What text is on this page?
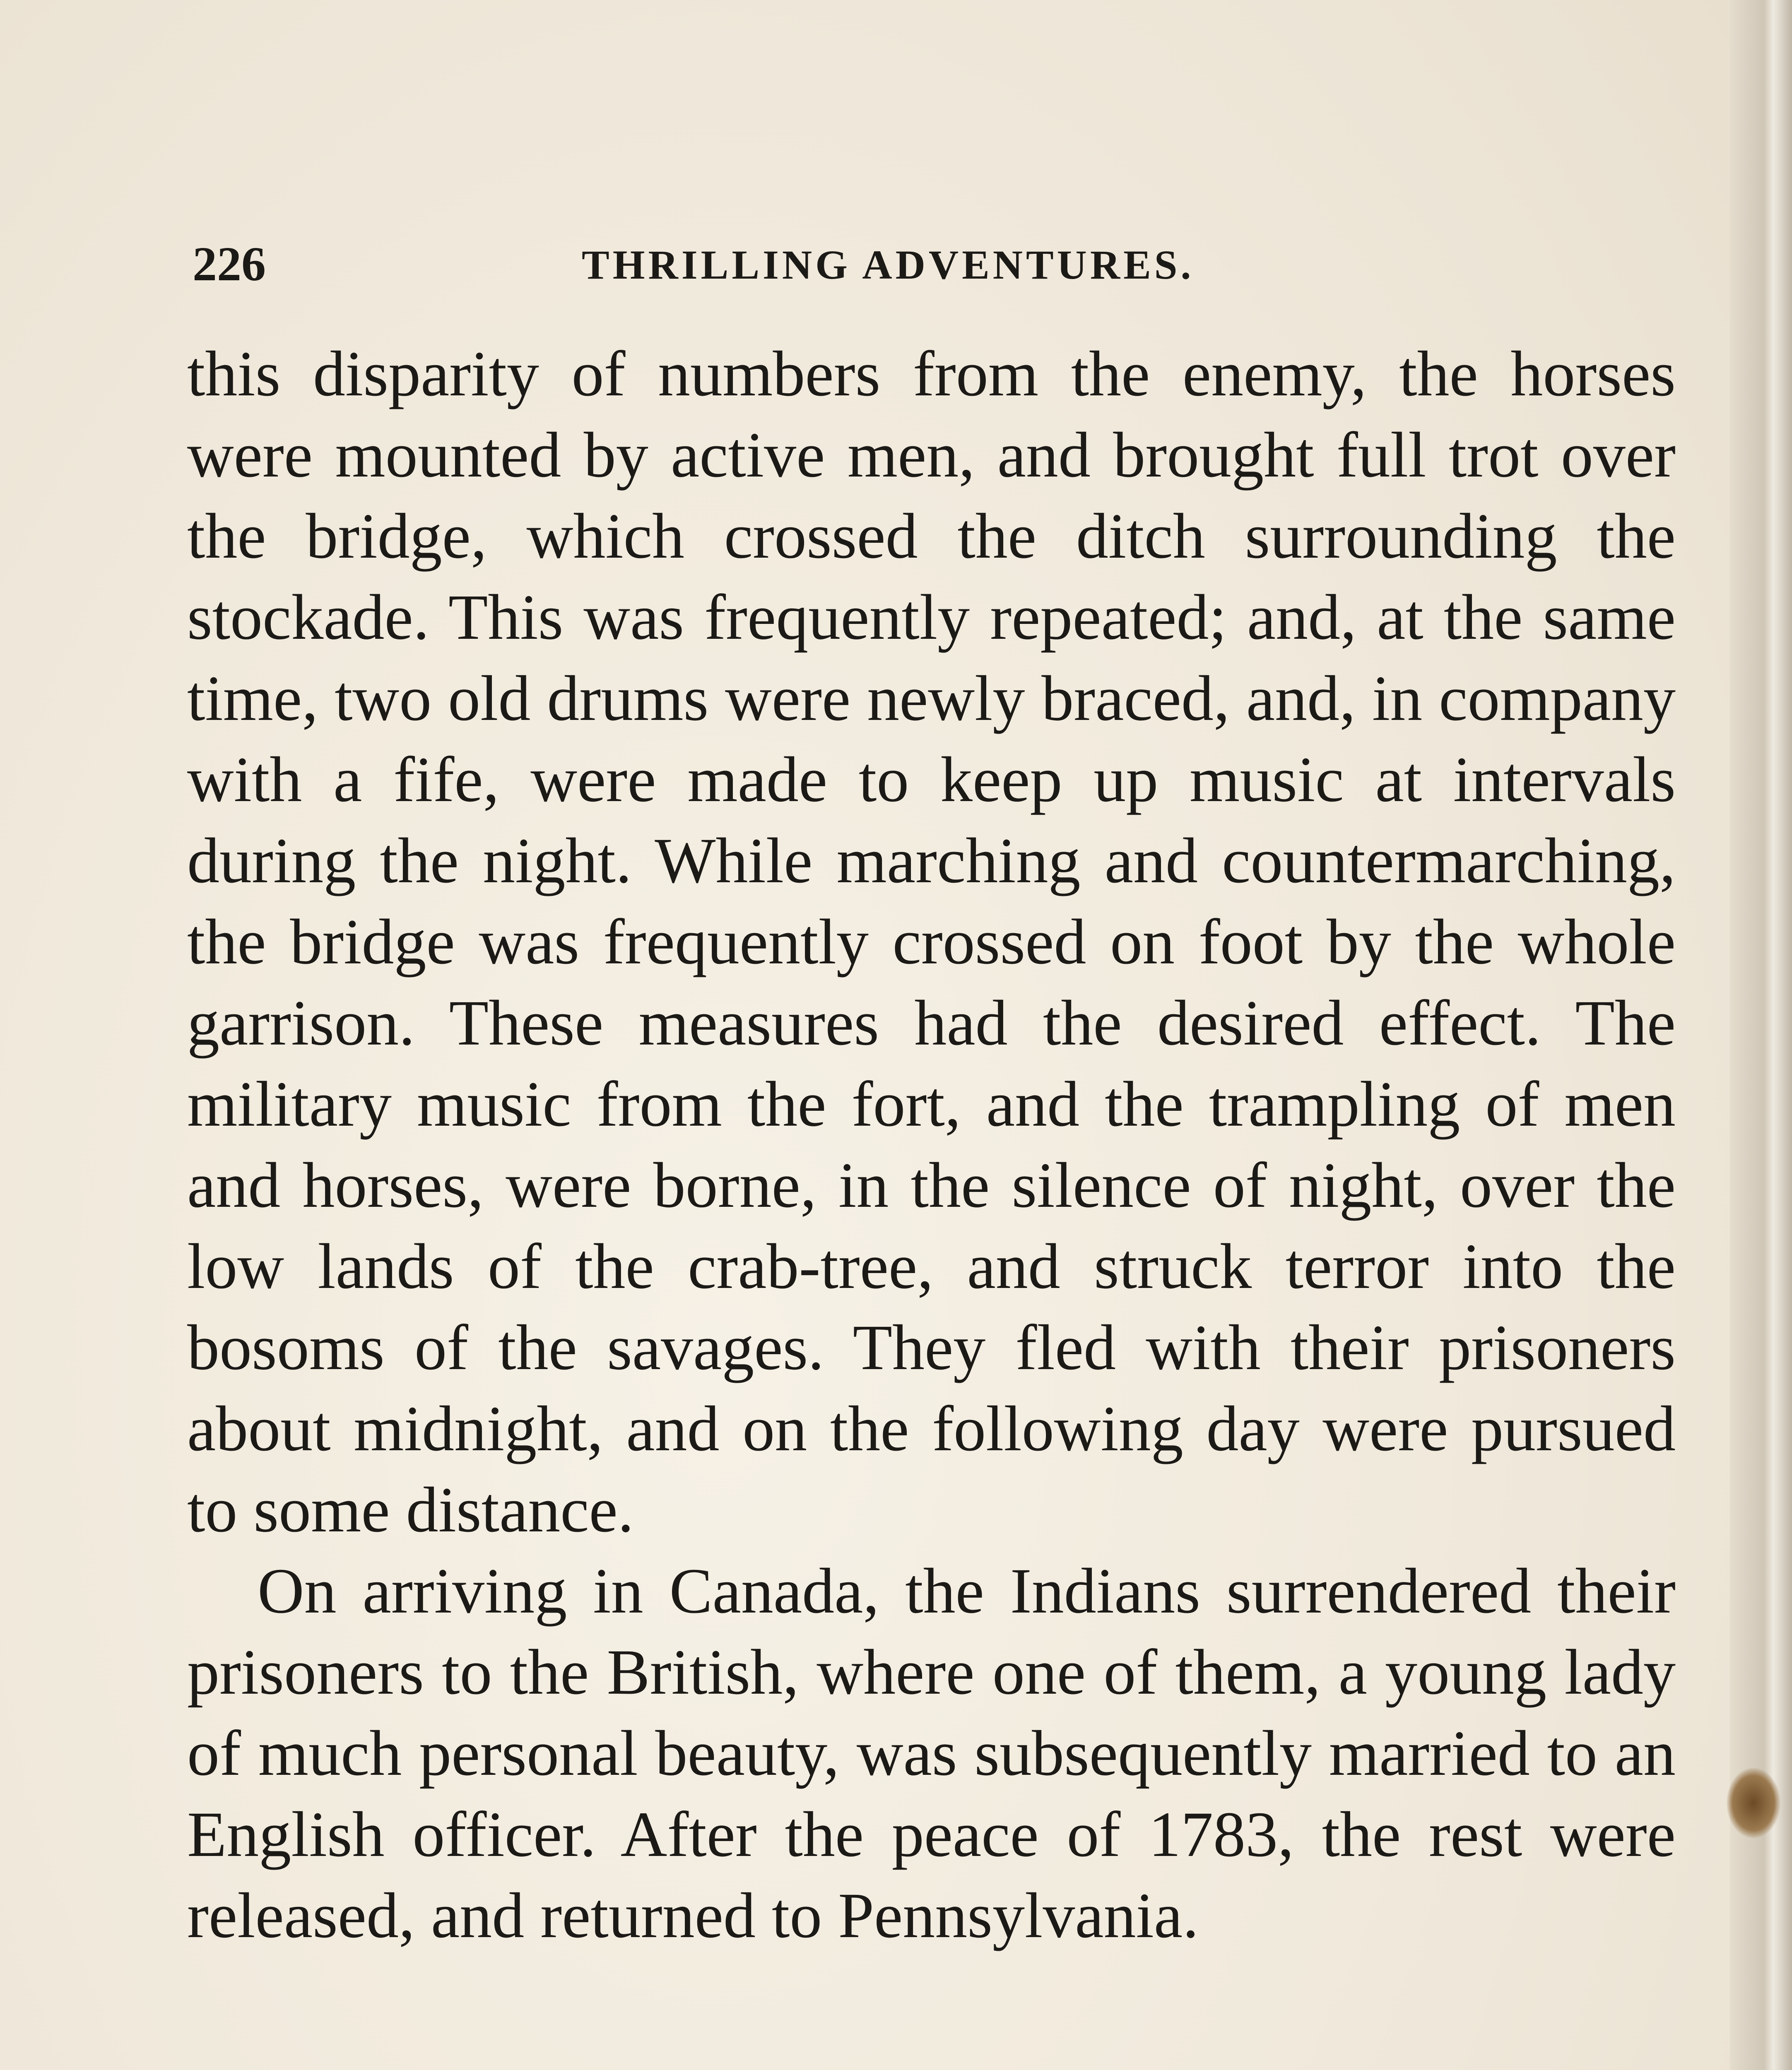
226	THRILLING ADVENTURES.

this disparity of numbers from the enemy, the horses were mounted by active men, and brought full trot over the bridge, which crossed the ditch surrounding the stockade. This was frequently repeated; and, at the same time, two old drums were newly braced, and, in company with a fife, were made to keep up music at intervals during the night. While marching and countermarching, the bridge was frequently crossed on foot by the whole garrison. These measures had the desired effect. The military music from the fort, and the trampling of men and horses, were borne, in the silence of night, over the low lands of the crab-tree, and struck terror into the bosoms of the savages. They fled with their prisoners about midnight, and on the following day were pursued to some distance.

On arriving in Canada, the Indians surrendered their prisoners to the British, where one of them, a young lady of much personal beauty, was subsequently married to an English officer. After the peace of 1783, the rest were released, and returned to Pennsylvania.
